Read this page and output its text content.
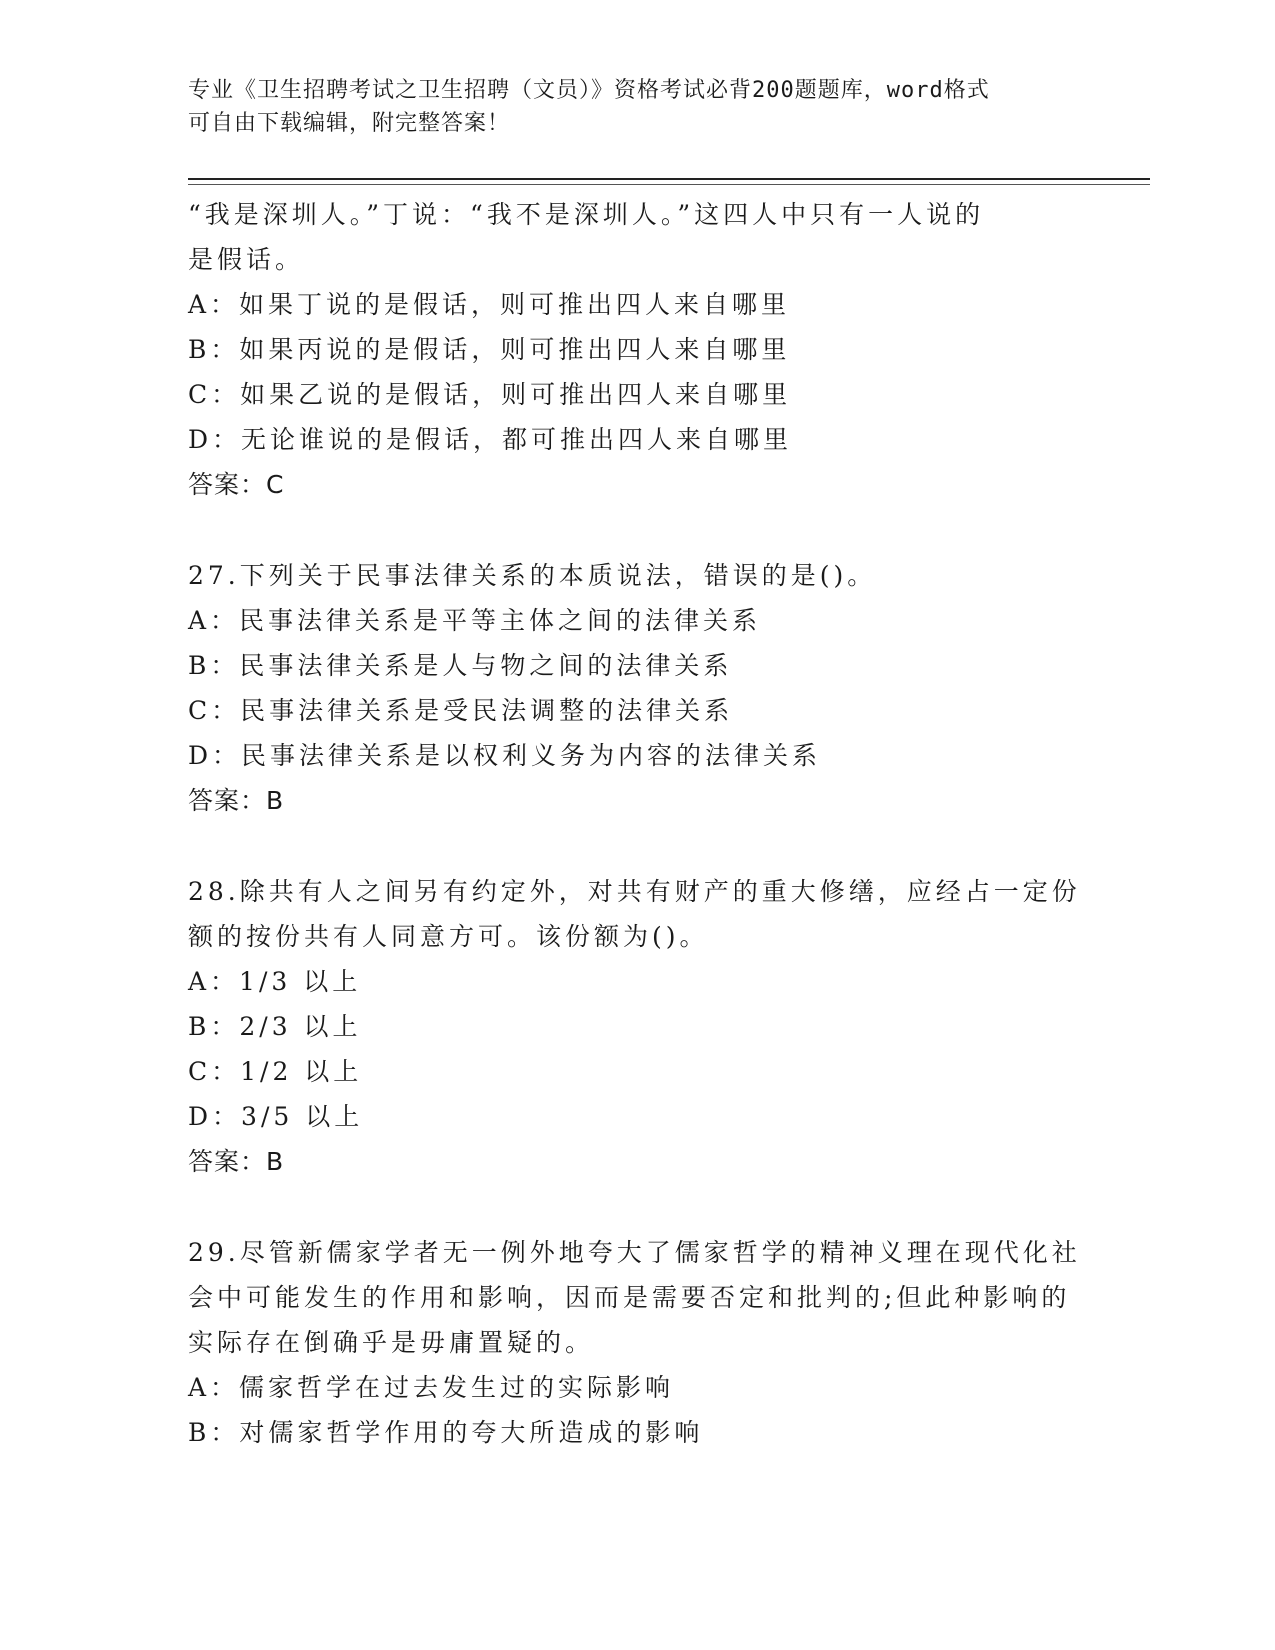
专业《卫生招聘考试之卫生招聘（文员）》资格考试必背200题题库，word格式
可自由下载编辑，附完整答案！
“我是深圳人。”丁说：“我不是深圳人。”这四人中只有一人说的
是假话。
A：如果丁说的是假话，则可推出四人来自哪里
B：如果丙说的是假话，则可推出四人来自哪里
C：如果乙说的是假话，则可推出四人来自哪里
D：无论谁说的是假话，都可推出四人来自哪里
答案：C
27.下列关于民事法律关系的本质说法，错误的是()。
A：民事法律关系是平等主体之间的法律关系
B：民事法律关系是人与物之间的法律关系
C：民事法律关系是受民法调整的法律关系
D：民事法律关系是以权利义务为内容的法律关系
答案：B
28.除共有人之间另有约定外，对共有财产的重大修缮，应经占一定份
额的按份共有人同意方可。该份额为()。
A：1/3 以上
B：2/3 以上
C：1/2 以上
D：3/5 以上
答案：B
29.尽管新儒家学者无一例外地夸大了儒家哲学的精神义理在现代化社
会中可能发生的作用和影响，因而是需要否定和批判的;但此种影响的
实际存在倒确乎是毋庸置疑的。
A：儒家哲学在过去发生过的实际影响
B：对儒家哲学作用的夸大所造成的影响
